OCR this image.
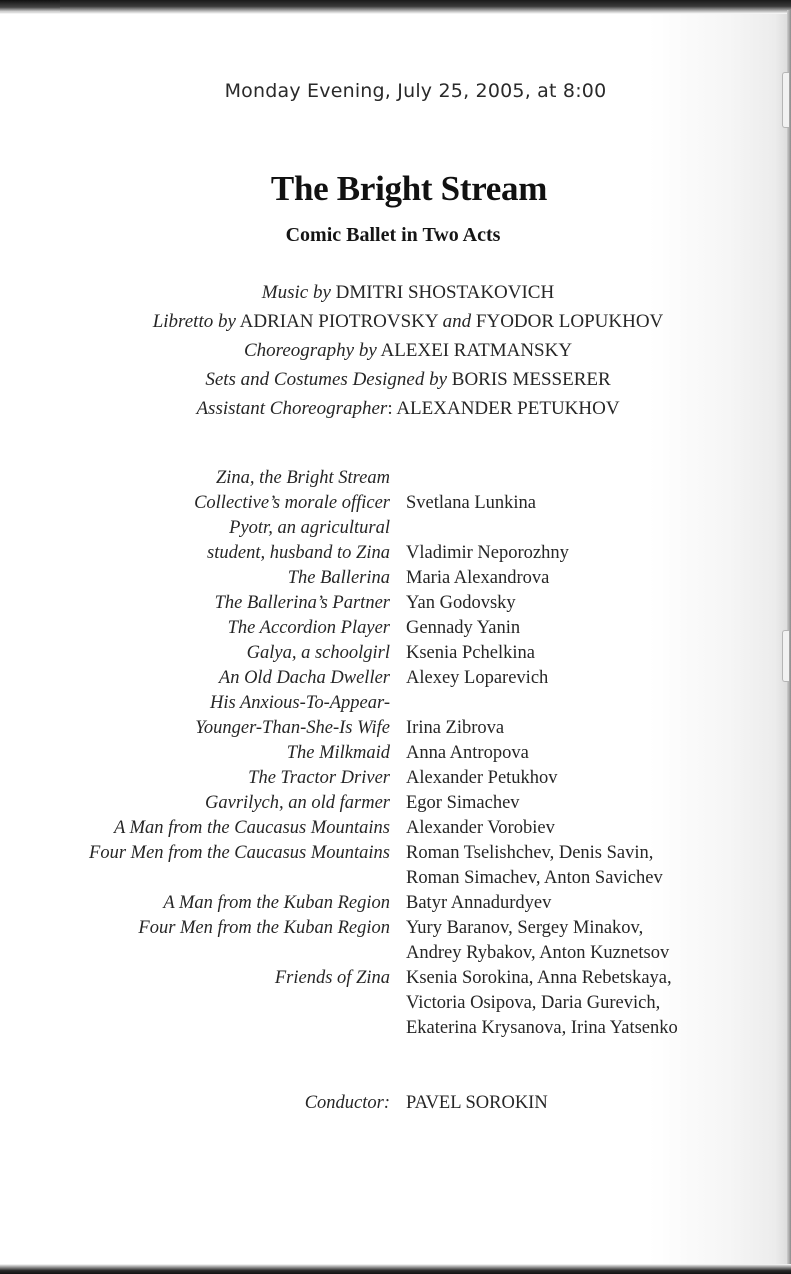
Monday Evening, July 25, 2005, at 8:00
The Bright Stream
Comic Ballet in Two Acts
Music by DMITRI SHOSTAKOVICH
Libretto by ADRIAN PIOTROVSKY and FYODOR LOPUKHOV
Choreography by ALEXEI RATMANSKY
Sets and Costumes Designed by BORIS MESSERER
Assistant Choreographer: ALEXANDER PETUKHOV
Zina, the Bright Stream
Collective’s morale officer Svetlana Lunkina
Pyotr, an agricultural
student, husband to Zina Vladimir Neporozhny
The Ballerina Maria Alexandrova
The Ballerina’s Partner Yan Godovsky
The Accordion Player Gennady Yanin
Galya, a schoolgirl Ksenia Pchelkina
An Old Dacha Dweller Alexey Loparevich
His Anxious-To-Appear-
Younger-Than-She-Is Wife Irina Zibrova
The Milkmaid Anna Antropova
The Tractor Driver Alexander Petukhov
Gavrilych, an old farmer Egor Simachev
A Man from the Caucasus Mountains Alexander Vorobiev
Four Men from the Caucasus Mountains Roman Tselishchev, Denis Savin,
Roman Simachev, Anton Savichev
A Man from the Kuban Region Batyr Annadurdyev
Four Men from the Kuban Region Yury Baranov, Sergey Minakov,
Andrey Rybakov, Anton Kuznetsov
Friends of Zina Ksenia Sorokina, Anna Rebetskaya,
Victoria Osipova, Daria Gurevich,
Ekaterina Krysanova, Irina Yatsenko
Conductor: PAVEL SOROKIN
